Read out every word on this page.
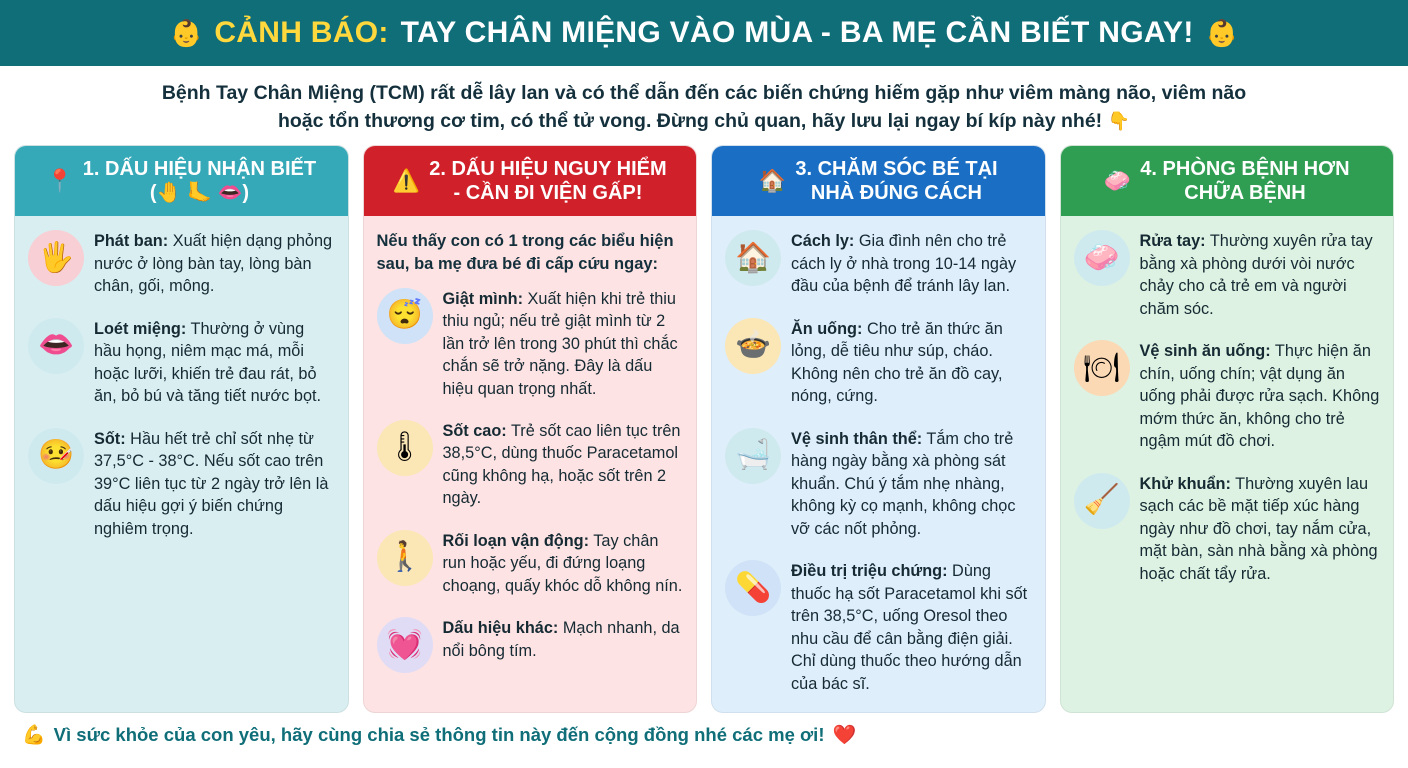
👶 CẢNH BÁO: TAY CHÂN MIỆNG VÀO MÙA - BA MẸ CẦN BIẾT NGAY! 👶
Bệnh Tay Chân Miệng (TCM) rất dễ lây lan và có thể dẫn đến các biến chứng hiếm gặp như viêm màng não, viêm não
hoặc tổn thương cơ tim, có thể tử vong. Đừng chủ quan, hãy lưu lại ngay bí kíp này nhé! 👇
📍 1. DẤU HIỆU NHẬN BIẾT
(🤚 🦶 👄)
🖐
Phát ban: Xuất hiện dạng phỏng nước ở lòng bàn tay, lòng bàn chân, gối, mông.
👄
Loét miệng: Thường ở vùng hầu họng, niêm mạc má, mỗi hoặc lưỡi, khiến trẻ đau rát, bỏ ăn, bỏ bú và tăng tiết nước bọt.
🤒
Sốt: Hầu hết trẻ chỉ sốt nhẹ từ 37,5°C - 38°C. Nếu sốt cao trên 39°C liên tục từ 2 ngày trở lên là dấu hiệu gợi ý biến chứng nghiêm trọng.
⚠️ 2. DẤU HIỆU NGUY HIỂM
- CẦN ĐI VIỆN GẤP!
Nếu thấy con có 1 trong các biểu hiện sau, ba mẹ đưa bé đi cấp cứu ngay:
😴
Giật mình: Xuất hiện khi trẻ thiu thiu ngủ; nếu trẻ giật mình từ 2 lần trở lên trong 30 phút thì chắc chắn sẽ trở nặng. Đây là dấu hiệu quan trọng nhất.
🌡
Sốt cao: Trẻ sốt cao liên tục trên 38,5°C, dùng thuốc Paracetamol cũng không hạ, hoặc sốt trên 2 ngày.
🚶
Rối loạn vận động: Tay chân run hoặc yếu, đi đứng loạng choạng, quấy khóc dỗ không nín.
💓
Dấu hiệu khác: Mạch nhanh, da nổi bông tím.
🏠 3. CHĂM SÓC BÉ TẠI
NHÀ ĐÚNG CÁCH
🏠
Cách ly: Gia đình nên cho trẻ cách ly ở nhà trong 10-14 ngày đầu của bệnh để tránh lây lan.
🍲
Ăn uống: Cho trẻ ăn thức ăn lỏng, dễ tiêu như súp, cháo. Không nên cho trẻ ăn đồ cay, nóng, cứng.
🛁
Vệ sinh thân thể: Tắm cho trẻ hàng ngày bằng xà phòng sát khuẩn. Chú ý tắm nhẹ nhàng, không kỳ cọ mạnh, không chọc vỡ các nốt phỏng.
💊
Điều trị triệu chứng: Dùng thuốc hạ sốt Paracetamol khi sốt trên 38,5°C, uống Oresol theo nhu cầu để cân bằng điện giải. Chỉ dùng thuốc theo hướng dẫn của bác sĩ.
🧼 4. PHÒNG BỆNH HƠN
CHỮA BỆNH
🧼
Rửa tay: Thường xuyên rửa tay bằng xà phòng dưới vòi nước chảy cho cả trẻ em và người chăm sóc.
🍽
Vệ sinh ăn uống: Thực hiện ăn chín, uống chín; vật dụng ăn uống phải được rửa sạch. Không mớm thức ăn, không cho trẻ ngậm mút đồ chơi.
🧹
Khử khuẩn: Thường xuyên lau sạch các bề mặt tiếp xúc hàng ngày như đồ chơi, tay nắm cửa, mặt bàn, sàn nhà bằng xà phòng hoặc chất tẩy rửa.
💪 Vì sức khỏe của con yêu, hãy cùng chia sẻ thông tin này đến cộng đồng nhé các mẹ ơi! ❤️
